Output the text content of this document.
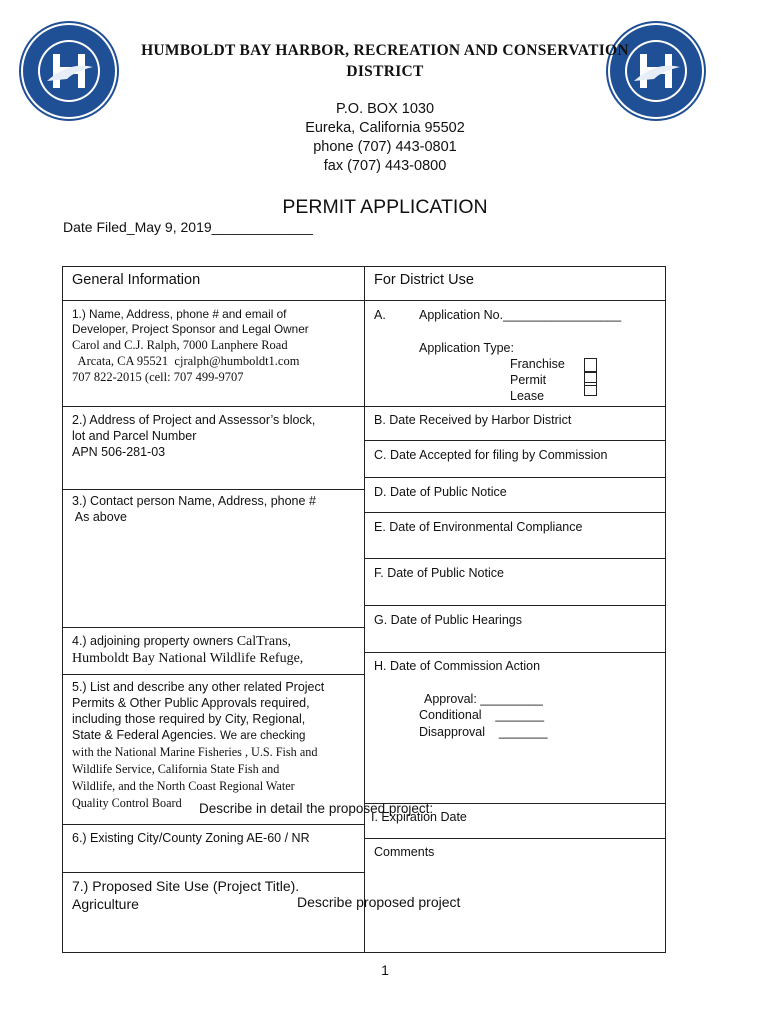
HUMBOLDT BAY HARBOR, RECREATION AND CONSERVATION
DISTRICT
P.O. BOX 1030
Eureka, California 95502
phone (707) 443-0801
fax (707) 443-0800
PERMIT APPLICATION
Date Filed_May 9, 2019_____________
General Information
1.) Name, Address, phone # and email of
Developer, Project Sponsor and Legal Owner
Carol and C.J. Ralph, 7000 Lanphere Road
Arcata, CA 95521  cjralph@humboldt1.com
707 822-2015 (cell: 707 499-9707
2.) Address of Project and Assessor’s block,
lot and Parcel Number
APN 506-281-03
3.) Contact person Name, Address, phone #
As above
4.) adjoining property owners CalTrans,
Humboldt Bay National Wildlife Refuge,
5.) List and describe any other related Project
Permits & Other Public Approvals required,
including those required by City, Regional,
State & Federal Agencies. We are checking
with the National Marine Fisheries , U.S. Fish and
Wildlife Service, California State Fish and
Wildlife, and the North Coast Regional Water
Quality Control Board Describe in detail the proposed project:
6.) Existing City/County Zoning AE-60 / NR
7.) Proposed Site Use (Project Title).
Agriculture	Describe proposed project
For District Use
A.	Application No._________________
Application Type:
Franchise
Permit
Lease
B. Date Received by Harbor District
C. Date Accepted for filing by Commission
D. Date of Public Notice
E. Date of Environmental Compliance
F. Date of Public Notice
G. Date of Public Hearings
H. Date of Commission Action
Approval: _________
Conditional    _______
Disapproval    _______
I. Expiration Date
Comments
1
